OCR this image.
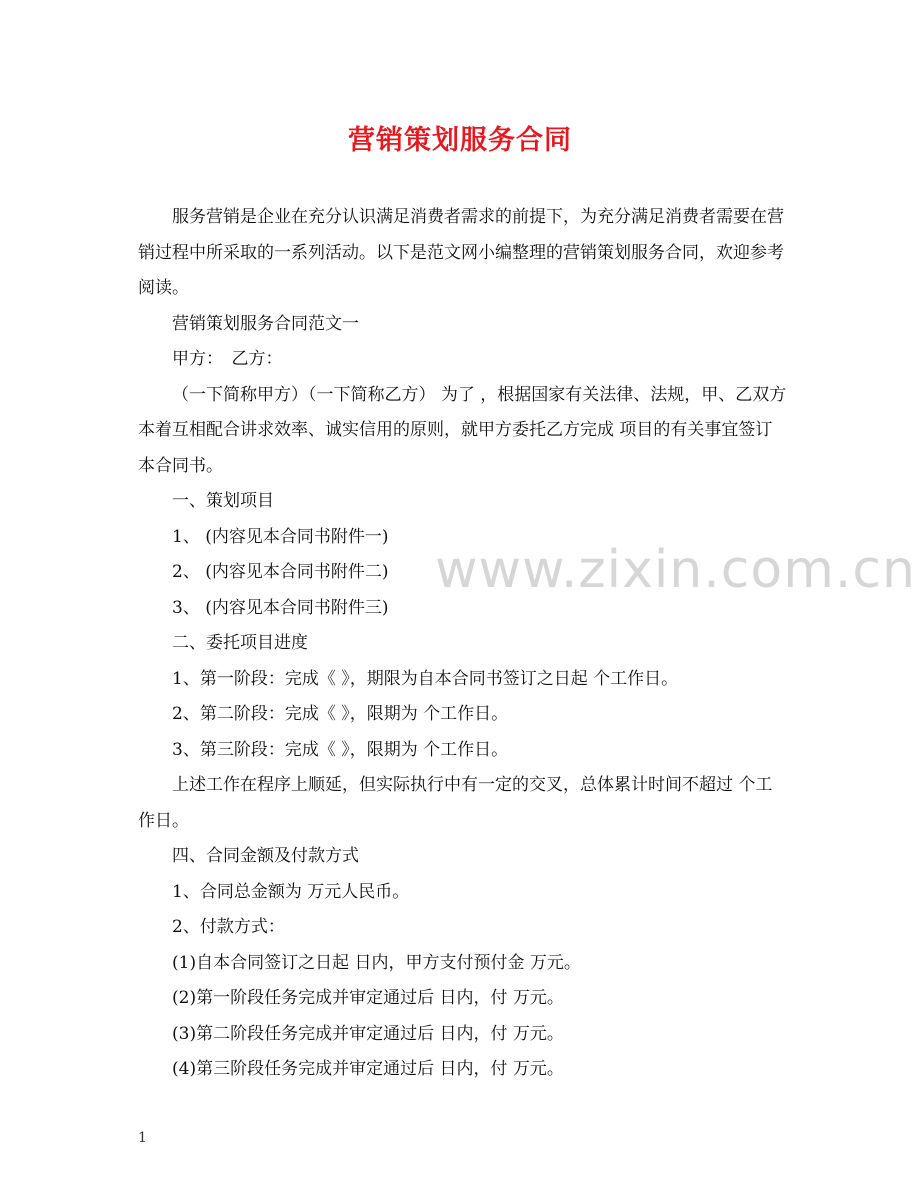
营销策划服务合同

服务营销是企业在充分认识满足消费者需求的前提下，为充分满足消费者需要在营销过程中所采取的一系列活动。以下是范文网小编整理的营销策划服务合同，欢迎参考阅读。

营销策划服务合同范文一

甲方：　乙方：

（一下简称甲方）（一下简称乙方） 为了 ，根据国家有关法律、法规，甲、乙双方本着互相配合讲求效率、诚实信用的原则，就甲方委托乙方完成 项目的有关事宜签订本合同书。

一、策划项目

1、 (内容见本合同书附件一)

2、 (内容见本合同书附件二)

3、 (内容见本合同书附件三)

二、委托项目进度

1、第一阶段：完成《 》，期限为自本合同书签订之日起 个工作日。

2、第二阶段：完成《 》，限期为 个工作日。

3、第三阶段：完成《 》，限期为 个工作日。

上述工作在程序上顺延，但实际执行中有一定的交叉，总体累计时间不超过 个工作日。

四、合同金额及付款方式

1、合同总金额为 万元人民币。

2、付款方式：

(1)自本合同签订之日起 日内，甲方支付预付金 万元。

(2)第一阶段任务完成并审定通过后 日内，付 万元。

(3)第二阶段任务完成并审定通过后 日内，付 万元。

(4)第三阶段任务完成并审定通过后 日内，付 万元。

www.zixin.com.cn
1
